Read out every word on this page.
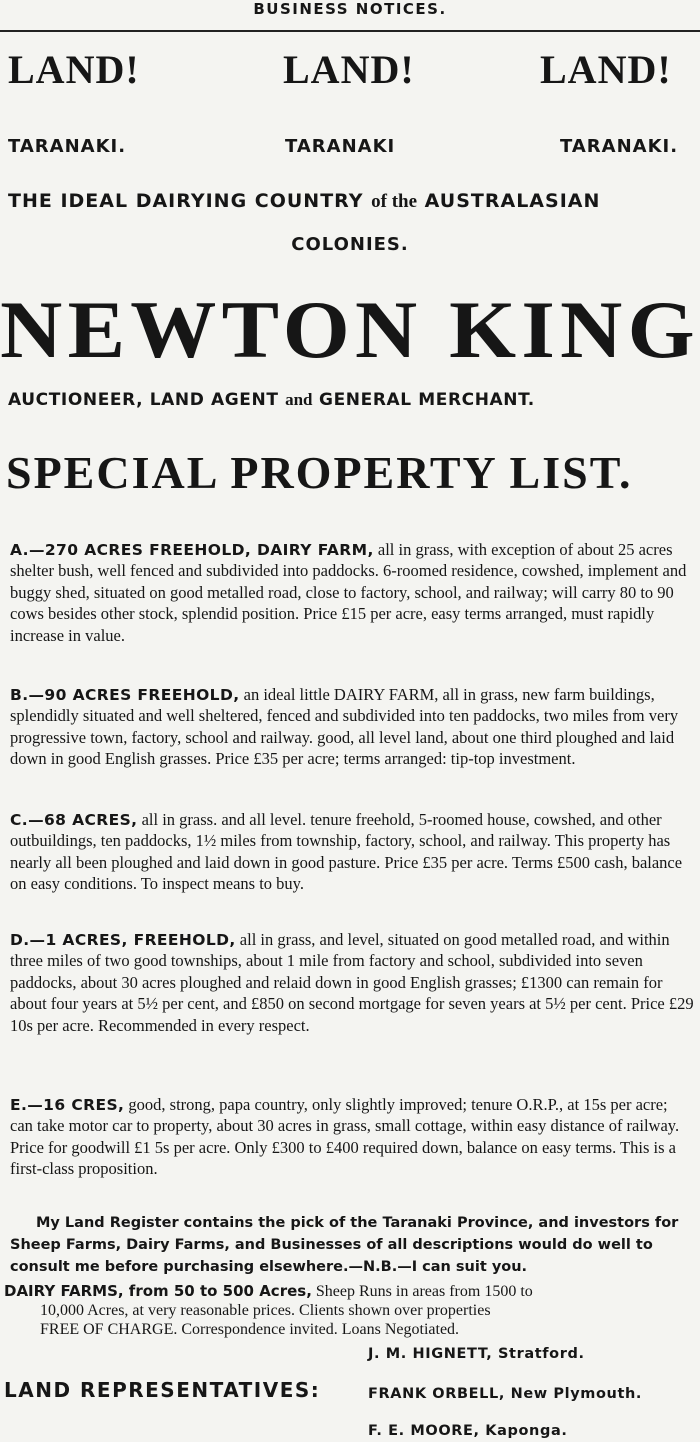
BUSINESS NOTICES.
LAND!	LAND!	LAND!
TARANAKI.	TARANAKI	TARANAKI.
THE IDEAL DAIRYING COUNTRY of the AUSTRALASIAN
COLONIES.
NEWTON KING
AUCTIONEER, LAND AGENT and GENERAL MERCHANT.
SPECIAL PROPERTY LIST.
A.—270 ACRES FREEHOLD, DAIRY FARM, all in grass, with exception of about 25 acres shelter bush, well fenced and subdivided into paddocks. 6-roomed residence, cowshed, implement and buggy shed, situated on good metalled road, close to factory, school, and railway; will carry 80 to 90 cows besides other stock, splendid position. Price £15 per acre, easy terms arranged, must rapidly increase in value.
B.—90 ACRES FREEHOLD, an ideal little DAIRY FARM, all in grass, new farm buildings, splendidly situated and well sheltered, fenced and subdivided into ten paddocks, two miles from very progressive town, factory, school and railway. good, all level land, about one third ploughed and laid down in good English grasses. Price £35 per acre; terms arranged: tip-top investment.
C.—68 ACRES, all in grass. and all level. tenure freehold, 5-roomed house, cowshed, and other outbuildings, ten paddocks, 1½ miles from township, factory, school, and railway. This property has nearly all been ploughed and laid down in good pasture. Price £35 per acre. Terms £500 cash, balance on easy conditions. To inspect means to buy.
D.—1 ACRES, FREEHOLD, all in grass, and level, situated on good metalled road, and within three miles of two good townships, about 1 mile from factory and school, subdivided into seven paddocks, about 30 acres ploughed and relaid down in good English grasses; £1300 can remain for about four years at 5½ per cent, and £850 on second mortgage for seven years at 5½ per cent. Price £29 10s per acre. Recommended in every respect.
E.—16 CRES, good, strong, papa country, only slightly improved; tenure O.R.P., at 15s per acre; can take motor car to property, about 30 acres in grass, small cottage, within easy distance of railway. Price for goodwill £1 5s per acre. Only £300 to £400 required down, balance on easy terms. This is a first-class proposition.
My Land Register contains the pick of the Taranaki Province, and investors for Sheep Farms, Dairy Farms, and Businesses of all descriptions would do well to consult me before purchasing elsewhere.—N.B.—I can suit you.
DAIRY FARMS, from 50 to 500 Acres, Sheep Runs in areas from 1500 to
10,000 Acres, at very reasonable prices. Clients shown over properties
FREE OF CHARGE. Correspondence invited. Loans Negotiated.
LAND REPRESENTATIVES:
J. M. HIGNETT, Stratford.
FRANK ORBELL, New Plymouth.
F. E. MOORE, Kaponga.
